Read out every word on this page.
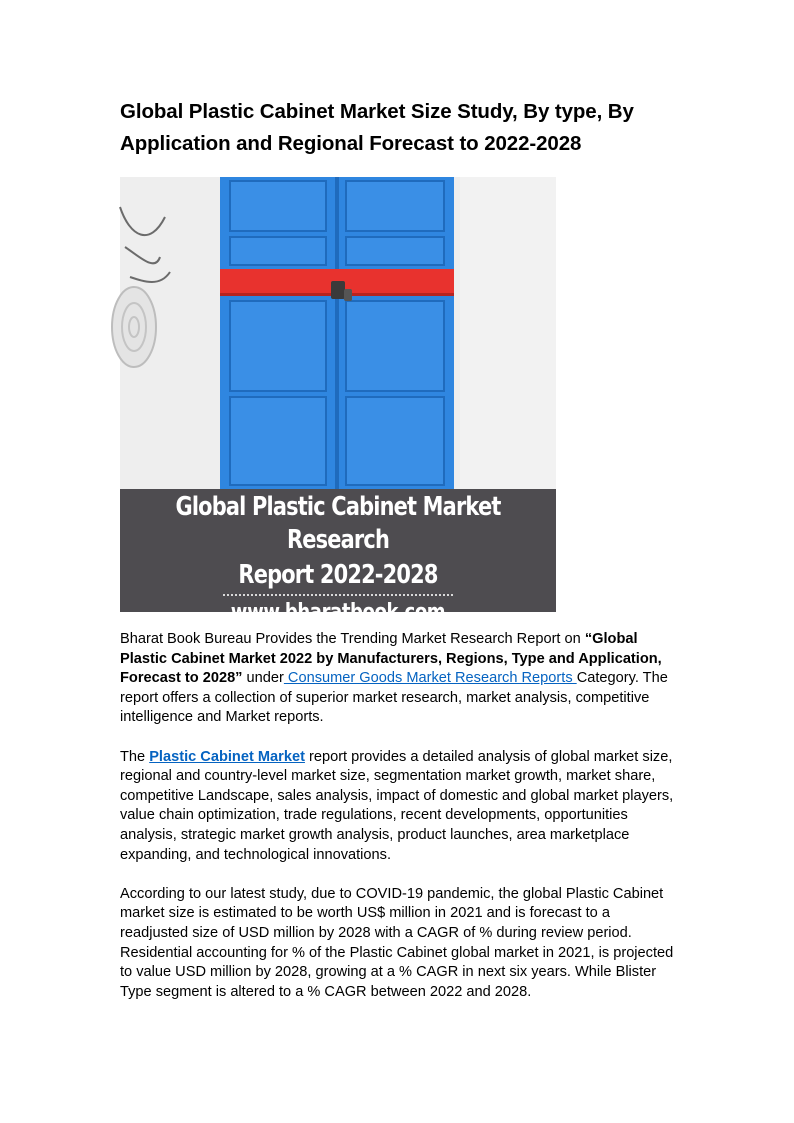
Global Plastic Cabinet Market Size Study, By type, By Application and Regional Forecast to 2022-2028
Global Plastic Cabinet Market Research
Report 2022-2028
www.bharatbook.com

Bharat Book Bureau Provides the Trending Market Research Report on “Global Plastic Cabinet Market 2022 by Manufacturers, Regions, Type and Application, Forecast to 2028” under Consumer Goods Market Research Reports Category. The report offers a collection of superior market research, market analysis, competitive intelligence and Market reports.

The Plastic Cabinet Market report provides a detailed analysis of global market size, regional and country-level market size, segmentation market growth, market share, competitive Landscape, sales analysis, impact of domestic and global market players, value chain optimization, trade regulations, recent developments, opportunities analysis, strategic market growth analysis, product launches, area marketplace expanding, and technological innovations.

According to our latest study, due to COVID-19 pandemic, the global Plastic Cabinet market size is estimated to be worth US$ million in 2021 and is forecast to a readjusted size of USD million by 2028 with a CAGR of % during review period. Residential accounting for % of the Plastic Cabinet global market in 2021, is projected to value USD million by 2028, growing at a % CAGR in next six years. While Blister Type segment is altered to a % CAGR between 2022 and 2028.
